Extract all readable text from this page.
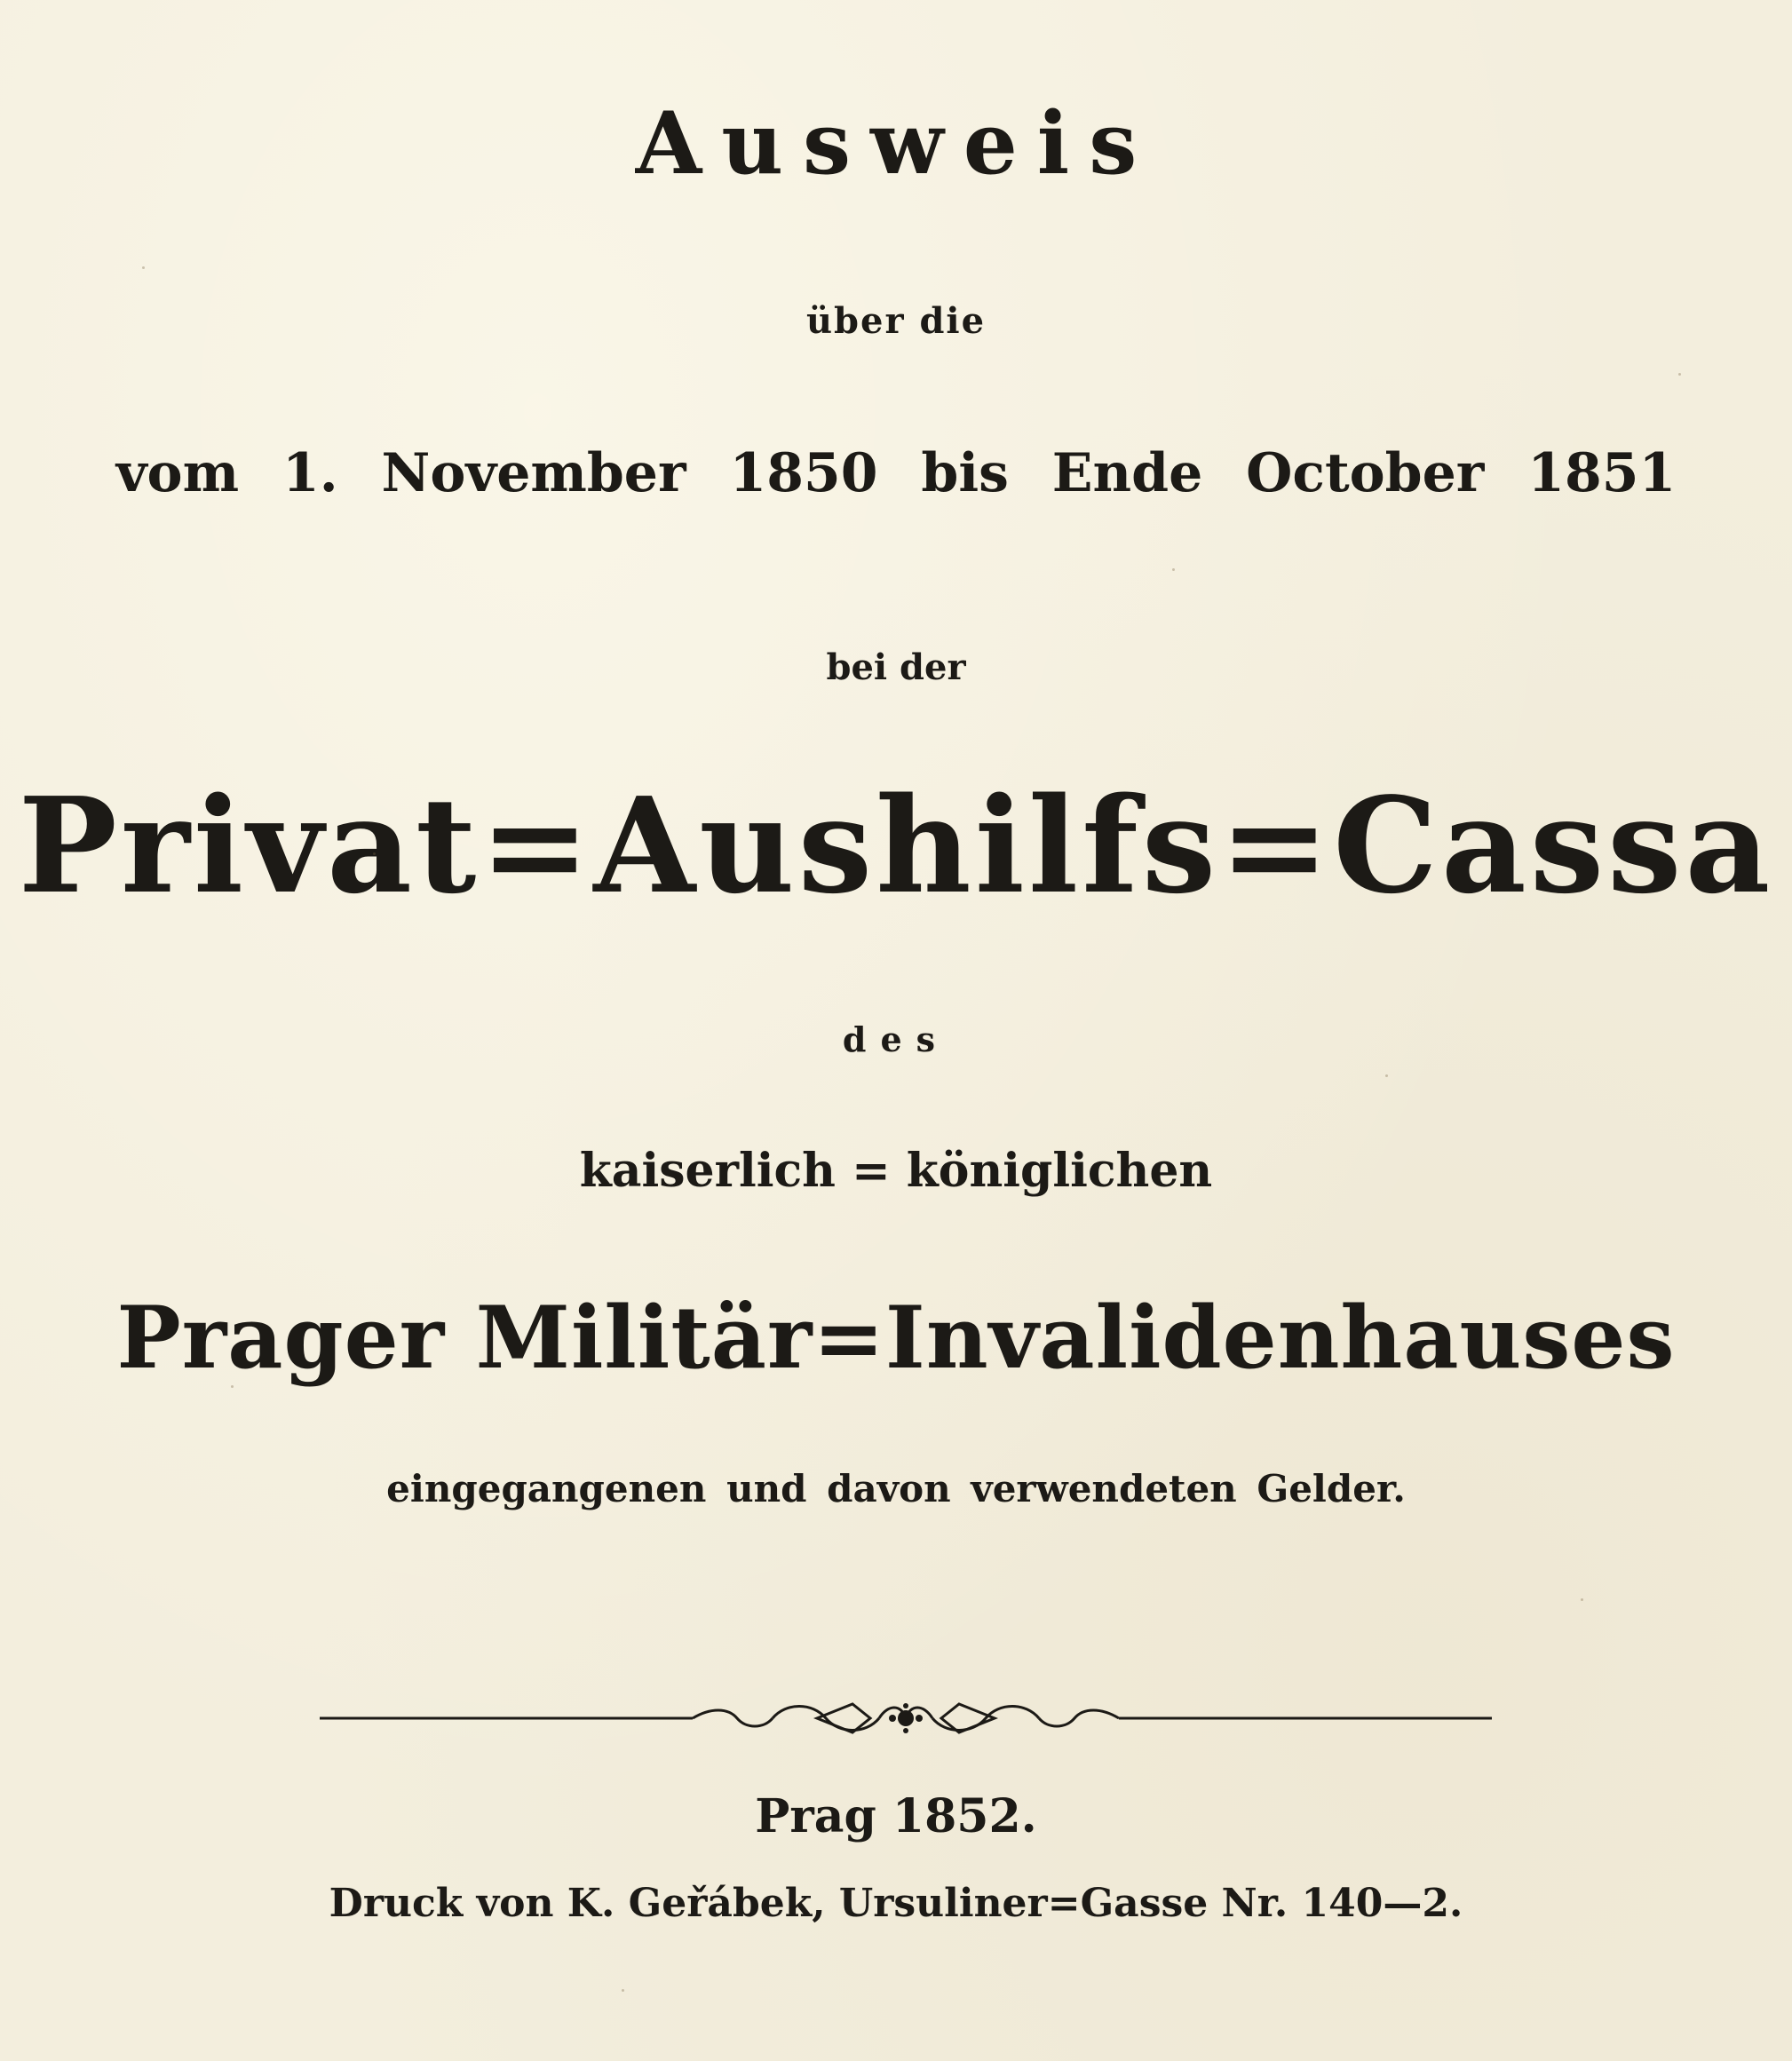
Ausweis
über die
vom 1. November 1850 bis Ende October 1851
bei der
Privat=Aushilfs=Cassa
des
kaiserlich = königlichen
Prager Militär=Invalidenhauses
eingegangenen und davon verwendeten Gelder.
Prag 1852.
Druck von K. Geřábek, Ursuliner=Gasse Nr. 140—2.
